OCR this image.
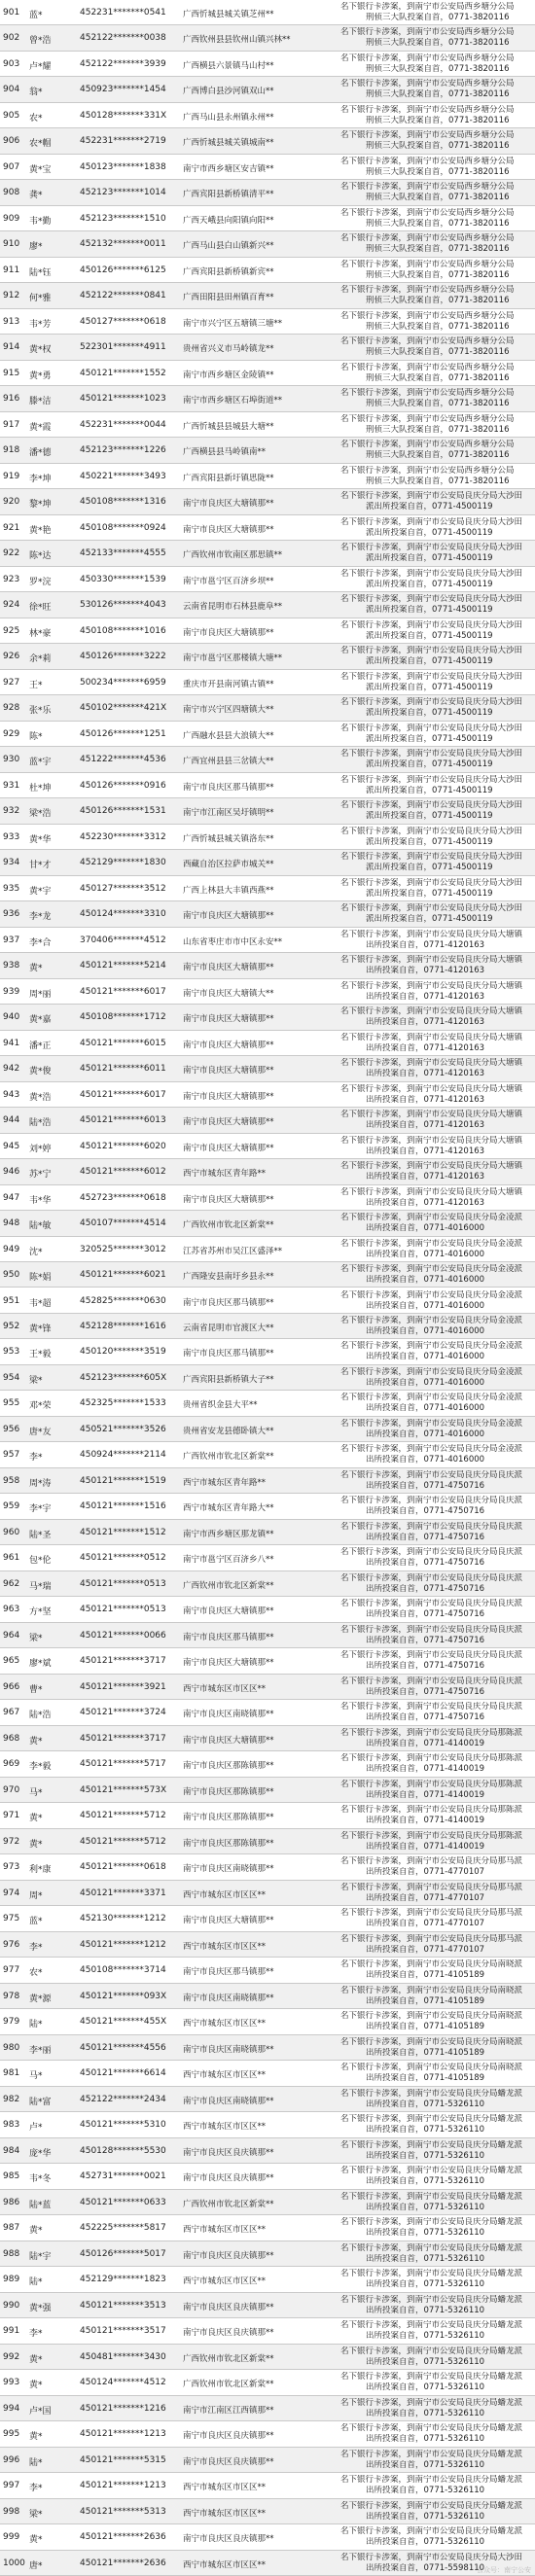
901	蓝*	452231*******0541	广西忻城县城关镇芝州**
名下银行卡涉案，到南宁市公安局西乡塘分公局
刑侦三大队投案自首，0771-3820116
902	曾*浩	452122*******0038	广西钦州县县钦州山镇兴林**
名下银行卡涉案，到南宁市公安局西乡塘分公局
刑侦三大队投案自首，0771-3820116
903	卢*耀	452122*******3939	广西横县六景镇马山村**
名下银行卡涉案，到南宁市公安局西乡塘分公局
刑侦三大队投案自首，0771-3820116
904	翁*	450923*******1454	广西博白县沙河镇双山**
名下银行卡涉案，到南宁市公安局西乡塘分公局
刑侦三大队投案自首，0771-3820116
905	农*	450128*******331X	广西马山县永州镇永州**
名下银行卡涉案，到南宁市公安局西乡塘分公局
刑侦三大队投案自首，0771-3820116
906	农*帽	452231*******2719	广西忻城县城关镇城南**
名下银行卡涉案，到南宁市公安局西乡塘分公局
刑侦三大队投案自首，0771-3820116
907	黄*宝	450123*******1838	南宁市西乡塘区安吉镇**
名下银行卡涉案，到南宁市公安局西乡塘分公局
刑侦三大队投案自首，0771-3820116
908	龚*	452123*******1014	广西宾阳县新桥镇清平**
名下银行卡涉案，到南宁市公安局西乡塘分公局
刑侦三大队投案自首，0771-3820116
909	韦*勤	452123*******1510	广西天峨县向阳镇向阳**
名下银行卡涉案，到南宁市公安局西乡塘分公局
刑侦三大队投案自首，0771-3820116
910	廖*	452132*******0011	广西马山县白山镇新兴**
名下银行卡涉案，到南宁市公安局西乡塘分公局
刑侦三大队投案自首，0771-3820116
911	陆*钰	450126*******6125	广西宾阳县新桥镇新宾**
名下银行卡涉案，到南宁市公安局西乡塘分公局
刑侦三大队投案自首，0771-3820116
912	何*雅	452122*******0841	广西田阳县田州镇百育**
名下银行卡涉案，到南宁市公安局西乡塘分公局
刑侦三大队投案自首，0771-3820116
913	韦*芳	450127*******0618	南宁市兴宁区五塘镇三塘**
名下银行卡涉案，到南宁市公安局西乡塘分公局
刑侦三大队投案自首，0771-3820116
914	黄*权	522301*******4911	贵州省兴义市马岭镇龙**
名下银行卡涉案，到南宁市公安局西乡塘分公局
刑侦三大队投案自首，0771-3820116
915	黄*勇	450121*******1552	南宁市西乡塘区金陵镇**
名下银行卡涉案，到南宁市公安局西乡塘分公局
刑侦三大队投案自首，0771-3820116
916	滕*洁	450121*******1023	南宁市西乡塘区石埠街道**
名下银行卡涉案，到南宁市公安局西乡塘分公局
刑侦三大队投案自首，0771-3820116
917	黄*霞	452231*******0044	广西忻城县县城县大塘**
名下银行卡涉案，到南宁市公安局西乡塘分公局
刑侦三大队投案自首，0771-3820116
918	潘*德	452123*******1226	广西横县县马岭镇南**
名下银行卡涉案，到南宁市公安局西乡塘分公局
刑侦三大队投案自首，0771-3820116
919	李*坤	450221*******3493	广西宾阳县新圩镇思陇**
名下银行卡涉案，到南宁市公安局西乡塘分公局
刑侦三大队投案自首，0771-3820116
920	黎*坤	450108*******1316	南宁市良庆区大塘镇那**
名下银行卡涉案，到南宁市公安局良庆分局大沙田
派出所投案自首，0771-4500119
921	黄*艳	450108*******0924	南宁市良庆区大塘镇那**
名下银行卡涉案，到南宁市公安局良庆分局大沙田
派出所投案自首，0771-4500119
922	陈*达	452133*******4555	广西钦州市钦南区那思镇**
名下银行卡涉案，到南宁市公安局良庆分局大沙田
派出所投案自首，0771-4500119
923	罗*浣	450330*******1539	南宁市邕宁区百济乡坝**
名下银行卡涉案，到南宁市公安局良庆分局大沙田
派出所投案自首，0771-4500119
924	徐*旺	530126*******4043	云南省昆明市石林县鹿阜**
名下银行卡涉案，到南宁市公安局良庆分局大沙田
派出所投案自首，0771-4500119
925	林*豪	450108*******1016	南宁市良庆区大塘镇那**
名下银行卡涉案，到南宁市公安局良庆分局大沙田
派出所投案自首，0771-4500119
926	余*莉	450126*******3222	南宁市邕宁区那楼镇大塘**
名下银行卡涉案，到南宁市公安局良庆分局大沙田
派出所投案自首，0771-4500119
927	王*	500234*******6959	重庆市开县南河镇古镇**
名下银行卡涉案，到南宁市公安局良庆分局大沙田
派出所投案自首，0771-4500119
928	张*乐	450102*******421X	南宁市兴宁区四塘镇大**
名下银行卡涉案，到南宁市公安局良庆分局大沙田
派出所投案自首，0771-4500119
929	陈*	450126*******1251	广西融水县县大浪镇大**
名下银行卡涉案，到南宁市公安局良庆分局大沙田
派出所投案自首，0771-4500119
930	蓝*宇	451222*******4536	广西宜州县县三岔镇大**
名下银行卡涉案，到南宁市公安局良庆分局大沙田
派出所投案自首，0771-4500119
931	杜*坤	450126*******0916	南宁市良庆区那马镇那**
名下银行卡涉案，到南宁市公安局良庆分局大沙田
派出所投案自首，0771-4500119
932	梁*浩	450126*******1531	南宁市江南区吴圩镇明**
名下银行卡涉案，到南宁市公安局良庆分局大沙田
派出所投案自首，0771-4500119
933	黄*华	452230*******3312	广西忻城县城关镇洛东**
名下银行卡涉案，到南宁市公安局良庆分局大沙田
派出所投案自首，0771-4500119
934	甘*才	452129*******1830	西藏自治区拉萨市城关**
名下银行卡涉案，到南宁市公安局良庆分局大沙田
派出所投案自首，0771-4500119
935	黄*宇	450127*******3512	广西上林县大丰镇西燕**
名下银行卡涉案，到南宁市公安局良庆分局大沙田
派出所投案自首，0771-4500119
936	李*龙	450124*******3310	南宁市良庆区大塘镇那**
名下银行卡涉案，到南宁市公安局良庆分局大沙田
派出所投案自首，0771-4500119
937	李*合	370406*******4512	山东省枣庄市市中区永安**
名下银行卡涉案，到南宁市公安局良庆分局大塘镇
出所投案自首，0771-4120163
938	黄*	450121*******5214	南宁市良庆区大塘镇那**
名下银行卡涉案，到南宁市公安局良庆分局大塘镇
出所投案自首，0771-4120163
939	周*丽	450121*******6017	南宁市良庆区大塘镇大**
名下银行卡涉案，到南宁市公安局良庆分局大塘镇
出所投案自首，0771-4120163
940	黄*嘉	450108*******1712	南宁市良庆区大塘镇那**
名下银行卡涉案，到南宁市公安局良庆分局大塘镇
出所投案自首，0771-4120163
941	潘*正	450121*******6015	南宁市良庆区大塘镇那**
名下银行卡涉案，到南宁市公安局良庆分局大塘镇
出所投案自首，0771-4120163
942	黄*俊	450121*******6011	南宁市良庆区大塘镇那**
名下银行卡涉案，到南宁市公安局良庆分局大塘镇
出所投案自首，0771-4120163
943	黄*浩	450121*******6017	南宁市良庆区大塘镇那**
名下银行卡涉案，到南宁市公安局良庆分局大塘镇
出所投案自首，0771-4120163
944	陆*浩	450121*******6013	南宁市良庆区大塘镇那**
名下银行卡涉案，到南宁市公安局良庆分局大塘镇
出所投案自首，0771-4120163
945	刘*婷	450121*******6020	南宁市良庆区大塘镇那**
名下银行卡涉案，到南宁市公安局良庆分局大塘镇
出所投案自首，0771-4120163
946	苏*宁	450121*******6012	西宁市城东区青年路**
名下银行卡涉案，到南宁市公安局良庆分局大塘镇
出所投案自首，0771-4120163
947	韦*华	452723*******0618	南宁市良庆区大塘镇那**
名下银行卡涉案，到南宁市公安局良庆分局大塘镇
出所投案自首，0771-4120163
948	陆*敏	450107*******4514	广西钦州市钦北区新棠**
名下银行卡涉案，到南宁市公安局良庆分局金凌派
出所投案自首，0771-4016000
949	沈*	320525*******3012	江苏省苏州市吴江区盛泽**
名下银行卡涉案，到南宁市公安局良庆分局金凌派
出所投案自首，0771-4016000
950	陈*娟	450121*******6021	广西隆安县南圩乡县永**
名下银行卡涉案，到南宁市公安局良庆分局金凌派
出所投案自首，0771-4016000
951	韦*超	452825*******0630	南宁市良庆区那马镇那**
名下银行卡涉案，到南宁市公安局良庆分局金凌派
出所投案自首，0771-4016000
952	黄*锋	452128*******1616	云南省昆明市官渡区大**
名下银行卡涉案，到南宁市公安局良庆分局金凌派
出所投案自首，0771-4016000
953	王*毅	450120*******3519	南宁市良庆区那马镇那**
名下银行卡涉案，到南宁市公安局良庆分局金凌派
出所投案自首，0771-4016000
954	梁*	452123*******605X	广西宾阳县新桥镇大子**
名下银行卡涉案，到南宁市公安局良庆分局金凌派
出所投案自首，0771-4016000
955	邓*荣	452325*******1533	贵州省织金县大平**
名下银行卡涉案，到南宁市公安局良庆分局金凌派
出所投案自首，0771-4016000
956	唐*友	450521*******3526	贵州省安龙县德卧镇大**
名下银行卡涉案，到南宁市公安局良庆分局金凌派
出所投案自首，0771-4016000
957	李*	450924*******2114	广西钦州市钦北区新棠**
名下银行卡涉案，到南宁市公安局良庆分局金凌派
出所投案自首，0771-4016000
958	周*涛	450121*******1519	西宁市城东区青年路**
名下银行卡涉案，到南宁市公安局良庆分局良庆派
出所投案自首，0771-4750716
959	李*宇	450121*******1516	西宁市城东区青年路大**
名下银行卡涉案，到南宁市公安局良庆分局良庆派
出所投案自首，0771-4750716
960	陆*圣	450121*******1512	南宁市西乡塘区那龙镇**
名下银行卡涉案，到南宁市公安局良庆分局良庆派
出所投案自首，0771-4750716
961	包*伦	450121*******0512	南宁市邕宁区百济乡八**
名下银行卡涉案，到南宁市公安局良庆分局良庆派
出所投案自首，0771-4750716
962	马*瑞	450121*******0513	广西钦州市钦北区新棠**
名下银行卡涉案，到南宁市公安局良庆分局良庆派
出所投案自首，0771-4750716
963	方*坚	450121*******0513	南宁市良庆区大塘镇那**
名下银行卡涉案，到南宁市公安局良庆分局良庆派
出所投案自首，0771-4750716
964	梁*	450121*******0066	南宁市良庆区那马镇那**
名下银行卡涉案，到南宁市公安局良庆分局良庆派
出所投案自首，0771-4750716
965	廖*斌	450121*******3717	南宁市良庆区大塘镇那**
名下银行卡涉案，到南宁市公安局良庆分局良庆派
出所投案自首，0771-4750716
966	曹*	450121*******3921	西宁市城东区市区区**
名下银行卡涉案，到南宁市公安局良庆分局良庆派
出所投案自首，0771-4750716
967	陆*浩	450121*******3724	南宁市良庆区南晓镇那**
名下银行卡涉案，到南宁市公安局良庆分局良庆派
出所投案自首，0771-4750716
968	黄*	450121*******3717	南宁市良庆区大塘镇那**
名下银行卡涉案，到南宁市公安局良庆分局那陈派
出所投案自首，0771-4140019
969	李*毅	450121*******5717	南宁市良庆区那陈镇那**
名下银行卡涉案，到南宁市公安局良庆分局那陈派
出所投案自首，0771-4140019
970	马*	450121*******573X	南宁市良庆区那陈镇那**
名下银行卡涉案，到南宁市公安局良庆分局那陈派
出所投案自首，0771-4140019
971	黄*	450121*******5712	南宁市良庆区那陈镇那**
名下银行卡涉案，到南宁市公安局良庆分局那陈派
出所投案自首，0771-4140019
972	黄*	450121*******5712	南宁市良庆区那陈镇那**
名下银行卡涉案，到南宁市公安局良庆分局那陈派
出所投案自首，0771-4140019
973	利*康	450121*******0618	南宁市良庆区南晓镇那**
名下银行卡涉案，到南宁市公安局良庆分局那马派
出所投案自首，0771-4770107
974	周*	450121*******3371	西宁市城东区市区区**
名下银行卡涉案，到南宁市公安局良庆分局那马派
出所投案自首，0771-4770107
975	蓝*	452130*******1212	南宁市良庆区大塘镇那**
名下银行卡涉案，到南宁市公安局良庆分局那马派
出所投案自首，0771-4770107
976	李*	450121*******1212	西宁市城东区市区区**
名下银行卡涉案，到南宁市公安局良庆分局那马派
出所投案自首，0771-4770107
977	农*	450108*******3714	南宁市良庆区那马镇那**
名下银行卡涉案，到南宁市公安局良庆分局南晓派
出所投案自首，0771-4105189
978	黄*源	450121*******093X	南宁市良庆区南晓镇那**
名下银行卡涉案，到南宁市公安局良庆分局南晓派
出所投案自首，0771-4105189
979	陆*	450121*******455X	西宁市城东区市区区**
名下银行卡涉案，到南宁市公安局良庆分局南晓派
出所投案自首，0771-4105189
980	李*丽	450121*******4556	南宁市良庆区南晓镇那**
名下银行卡涉案，到南宁市公安局良庆分局南晓派
出所投案自首，0771-4105189
981	马*	450121*******6614	西宁市城东区市区区**
名下银行卡涉案，到南宁市公安局良庆分局南晓派
出所投案自首，0771-4105189
982	陆*富	452122*******2434	南宁市良庆区南晓镇那**
名下银行卡涉案，到南宁市公安局良庆分局蟠龙派
出所投案自首，0771-5326110
983	卢*	450121*******5310	西宁市城东区市区区**
名下银行卡涉案，到南宁市公安局良庆分局蟠龙派
出所投案自首，0771-5326110
984	庞*华	450128*******5530	南宁市良庆区良庆镇那**
名下银行卡涉案，到南宁市公安局良庆分局蟠龙派
出所投案自首，0771-5326110
985	韦*冬	452731*******0021	南宁市良庆区良庆镇那**
名下银行卡涉案，到南宁市公安局良庆分局蟠龙派
出所投案自首，0771-5326110
986	陆*蓝	450121*******0633	广西钦州市钦北区新棠**
名下银行卡涉案，到南宁市公安局良庆分局蟠龙派
出所投案自首，0771-5326110
987	黄*	452225*******5817	西宁市城东区市区区**
名下银行卡涉案，到南宁市公安局良庆分局蟠龙派
出所投案自首，0771-5326110
988	陆*宇	450126*******5017	南宁市良庆区良庆镇那**
名下银行卡涉案，到南宁市公安局良庆分局蟠龙派
出所投案自首，0771-5326110
989	陆*	452129*******1823	西宁市城东区市区区**
名下银行卡涉案，到南宁市公安局良庆分局蟠龙派
出所投案自首，0771-5326110
990	黄*强	450121*******3513	南宁市良庆区良庆镇那**
名下银行卡涉案，到南宁市公安局良庆分局蟠龙派
出所投案自首，0771-5326110
991	李*	450121*******3517	南宁市良庆区良庆镇那**
名下银行卡涉案，到南宁市公安局良庆分局蟠龙派
出所投案自首，0771-5326110
992	黄*	450481*******3430	广西钦州市钦北区新棠**
名下银行卡涉案，到南宁市公安局良庆分局蟠龙派
出所投案自首，0771-5326110
993	黄*	450124*******4512	广西钦州市钦北区新棠**
名下银行卡涉案，到南宁市公安局良庆分局蟠龙派
出所投案自首，0771-5326110
994	卢*国	450121*******1216	南宁市江南区江西镇那**
名下银行卡涉案，到南宁市公安局良庆分局蟠龙派
出所投案自首，0771-5326110
995	黄*	450121*******1213	南宁市良庆区良庆镇那**
名下银行卡涉案，到南宁市公安局良庆分局蟠龙派
出所投案自首，0771-5326110
996	陆*	450121*******5315	南宁市良庆区良庆镇那**
名下银行卡涉案，到南宁市公安局良庆分局蟠龙派
出所投案自首，0771-5326110
997	李*	450121*******1213	西宁市城东区市区区**
名下银行卡涉案，到南宁市公安局良庆分局蟠龙派
出所投案自首，0771-5326110
998	梁*	450121*******5313	西宁市城东区市区区**
名下银行卡涉案，到南宁市公安局良庆分局蟠龙派
出所投案自首，0771-5326110
999	黄*	450121*******2636	南宁市良庆区良庆镇那**
名下银行卡涉案，到南宁市公安局良庆分局蟠龙派
出所投案自首，0771-5326110
1000 唐*	450121*******2636	西宁市城东区市区区**
名下银行卡涉案，到南宁市公安局良庆分局大沙田
出所投案自首，0771-5598110
公众号：南宁公安
